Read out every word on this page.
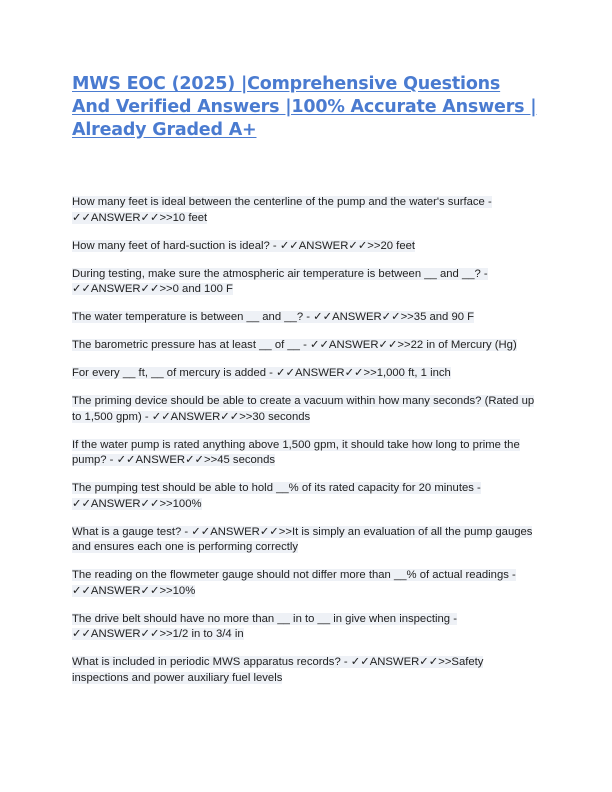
MWS EOC (2025) |Comprehensive Questions And Verified Answers |100% Accurate Answers | Already Graded A+

How many feet is ideal between the centerline of the pump and the water's surface - ✓✓ANSWER✓✓>>10 feet

How many feet of hard-suction is ideal? - ✓✓ANSWER✓✓>>20 feet

During testing, make sure the atmospheric air temperature is between __ and __? - ✓✓ANSWER✓✓>>0 and 100 F

The water temperature is between __ and __? - ✓✓ANSWER✓✓>>35 and 90 F

The barometric pressure has at least __ of __ - ✓✓ANSWER✓✓>>22 in of Mercury (Hg)

For every __ ft, __ of mercury is added - ✓✓ANSWER✓✓>>1,000 ft, 1 inch

The priming device should be able to create a vacuum within how many seconds? (Rated up to 1,500 gpm) - ✓✓ANSWER✓✓>>30 seconds

If the water pump is rated anything above 1,500 gpm, it should take how long to prime the pump? - ✓✓ANSWER✓✓>>45 seconds

The pumping test should be able to hold __% of its rated capacity for 20 minutes - ✓✓ANSWER✓✓>>100%

What is a gauge test? - ✓✓ANSWER✓✓>>It is simply an evaluation of all the pump gauges and ensures each one is performing correctly

The reading on the flowmeter gauge should not differ more than __% of actual readings - ✓✓ANSWER✓✓>>10%

The drive belt should have no more than __ in to __ in give when inspecting - ✓✓ANSWER✓✓>>1/2 in to 3/4 in

What is included in periodic MWS apparatus records? - ✓✓ANSWER✓✓>>Safety inspections and power auxiliary fuel levels
